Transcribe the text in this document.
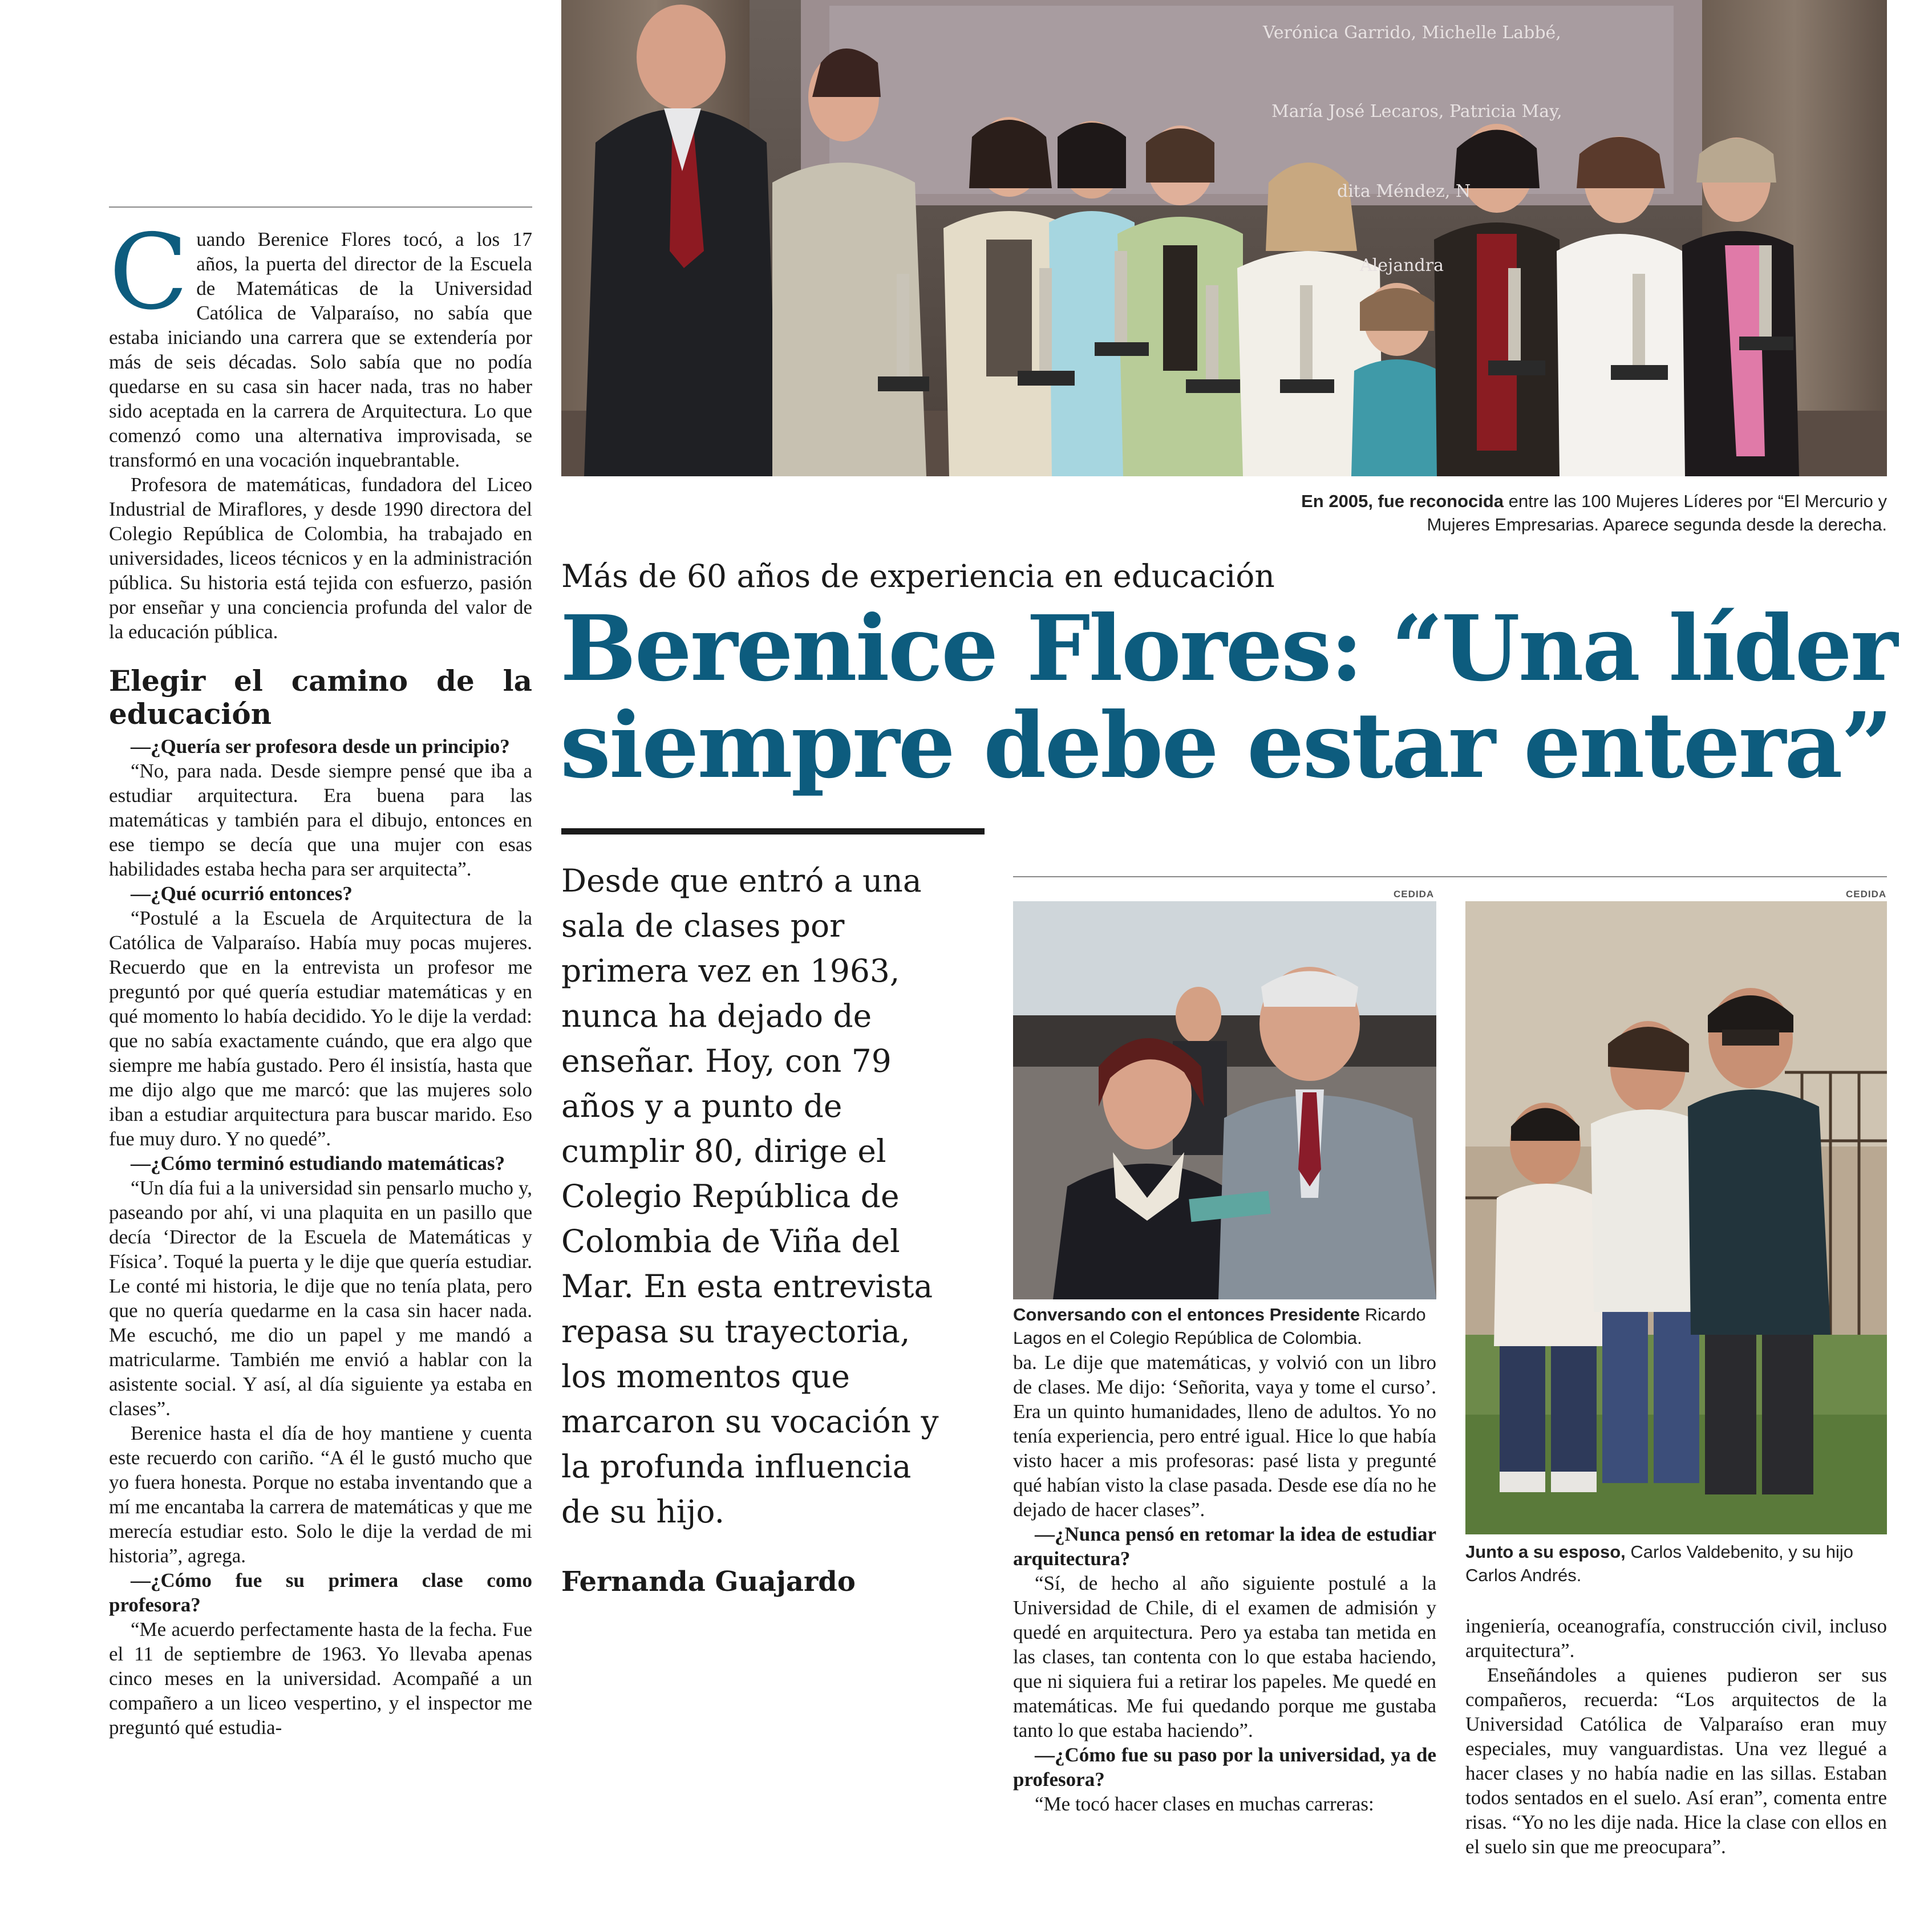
C uando Berenice Flores tocó, a los 17 años, la puerta del director de la Escuela de Matemáticas de la Universidad Católica de Valparaíso, no sabía que estaba iniciando una carrera que se extendería por más de seis décadas. Solo sabía que no podía quedarse en su casa sin hacer nada, tras no haber sido aceptada en la carrera de Arquitectura. Lo que comenzó como una alternativa improvisada, se transformó en una vocación inquebrantable.

Profesora de matemáticas, fundadora del Liceo Industrial de Miraflores, y desde 1990 directora del Colegio República de Colombia, ha trabajado en universidades, liceos técnicos y en la administración pública. Su historia está tejida con esfuerzo, pasión por enseñar y una conciencia profunda del valor de la educación pública.

Elegir el camino de la educación

—¿Quería ser profesora desde un principio?

“No, para nada. Desde siempre pensé que iba a estudiar arquitectura. Era buena para las matemáticas y también para el dibujo, entonces en ese tiempo se decía que una mujer con esas habilidades estaba hecha para ser arquitecta”.

—¿Qué ocurrió entonces?

“Postulé a la Escuela de Arquitectura de la Católica de Valparaíso. Había muy pocas mujeres. Recuerdo que en la entrevista un profesor me preguntó por qué quería estudiar matemáticas y en qué momento lo había decidido. Yo le dije la verdad: que no sabía exactamente cuándo, que era algo que siempre me había gustado. Pero él insistía, hasta que me dijo algo que me marcó: que las mujeres solo iban a estudiar arquitectura para buscar marido. Eso fue muy duro. Y no quedé”.

—¿Cómo terminó estudiando matemáticas?

“Un día fui a la universidad sin pensarlo mucho y, paseando por ahí, vi una plaquita en un pasillo que decía ‘Director de la Escuela de Matemáticas y Física’. Toqué la puerta y le dije que quería estudiar. Le conté mi historia, le dije que no tenía plata, pero que no quería quedarme en la casa sin hacer nada. Me escuchó, me dio un papel y me mandó a matricularme. También me envió a hablar con la asistente social. Y así, al día siguiente ya estaba en clases”.

Berenice hasta el día de hoy mantiene y cuenta este recuerdo con cariño. “A él le gustó mucho que yo fuera honesta. Porque no estaba inventando que a mí me encantaba la carrera de matemáticas y que me merecía estudiar esto. Solo le dije la verdad de mi historia”, agrega.

—¿Cómo fue su primera clase como profesora?

“Me acuerdo perfectamente hasta de la fecha. Fue el 11 de septiembre de 1963. Yo llevaba apenas cinco meses en la universidad. Acompañé a un compañero a un liceo vespertino, y el inspector me preguntó qué estudia-

Verónica Garrido, Michelle Labbé,
María José Lecaros, Patricia May,
dita Méndez, N
Alejandra
En 2005, fue reconocida entre las 100 Mujeres Líderes por “El Mercurio y Mujeres Empresarias. Aparece segunda desde la derecha.
Más de 60 años de experiencia en educación
Berenice Flores: “Una líder
siempre debe estar entera”
Desde que entró a una sala de clases por primera vez en 1963, nunca ha dejado de enseñar. Hoy, con 79 años y a punto de cumplir 80, dirige el Colegio República de Colombia de Viña del Mar. En esta entrevista repasa su trayectoria, los momentos que marcaron su vocación y la profunda influencia de su hijo.
Fernanda Guajardo
CEDIDA
Conversando con el entonces Presidente Ricardo Lagos en el Colegio República de Colombia.
CEDIDA
Junto a su esposo, Carlos Valdebenito, y su hijo Carlos Andrés.

ba. Le dije que matemáticas, y volvió con un libro de clases. Me dijo: ‘Señorita, vaya y tome el curso’. Era un quinto humanidades, lleno de adultos. Yo no tenía experiencia, pero entré igual. Hice lo que había visto hacer a mis profesoras: pasé lista y pregunté qué habían visto la clase pasada. Desde ese día no he dejado de hacer clases”.

—¿Nunca pensó en retomar la idea de estudiar arquitectura?

“Sí, de hecho al año siguiente postulé a la Universidad de Chile, di el examen de admisión y quedé en arquitectura. Pero ya estaba tan metida en las clases, tan contenta con lo que estaba haciendo, que ni siquiera fui a retirar los papeles. Me quedé en matemáticas. Me fui quedando porque me gustaba tanto lo que estaba haciendo”.

—¿Cómo fue su paso por la universidad, ya de profesora?

“Me tocó hacer clases en muchas carreras:

ingeniería, oceanografía, construcción civil, incluso arquitectura”.

Enseñándoles a quienes pudieron ser sus compañeros, recuerda: “Los arquitectos de la Universidad Católica de Valparaíso eran muy especiales, muy vanguardistas. Una vez llegué a hacer clases y no había nadie en las sillas. Estaban todos sentados en el suelo. Así eran”, comenta entre risas. “Yo no les dije nada. Hice la clase con ellos en el suelo sin que me preocupara”.
